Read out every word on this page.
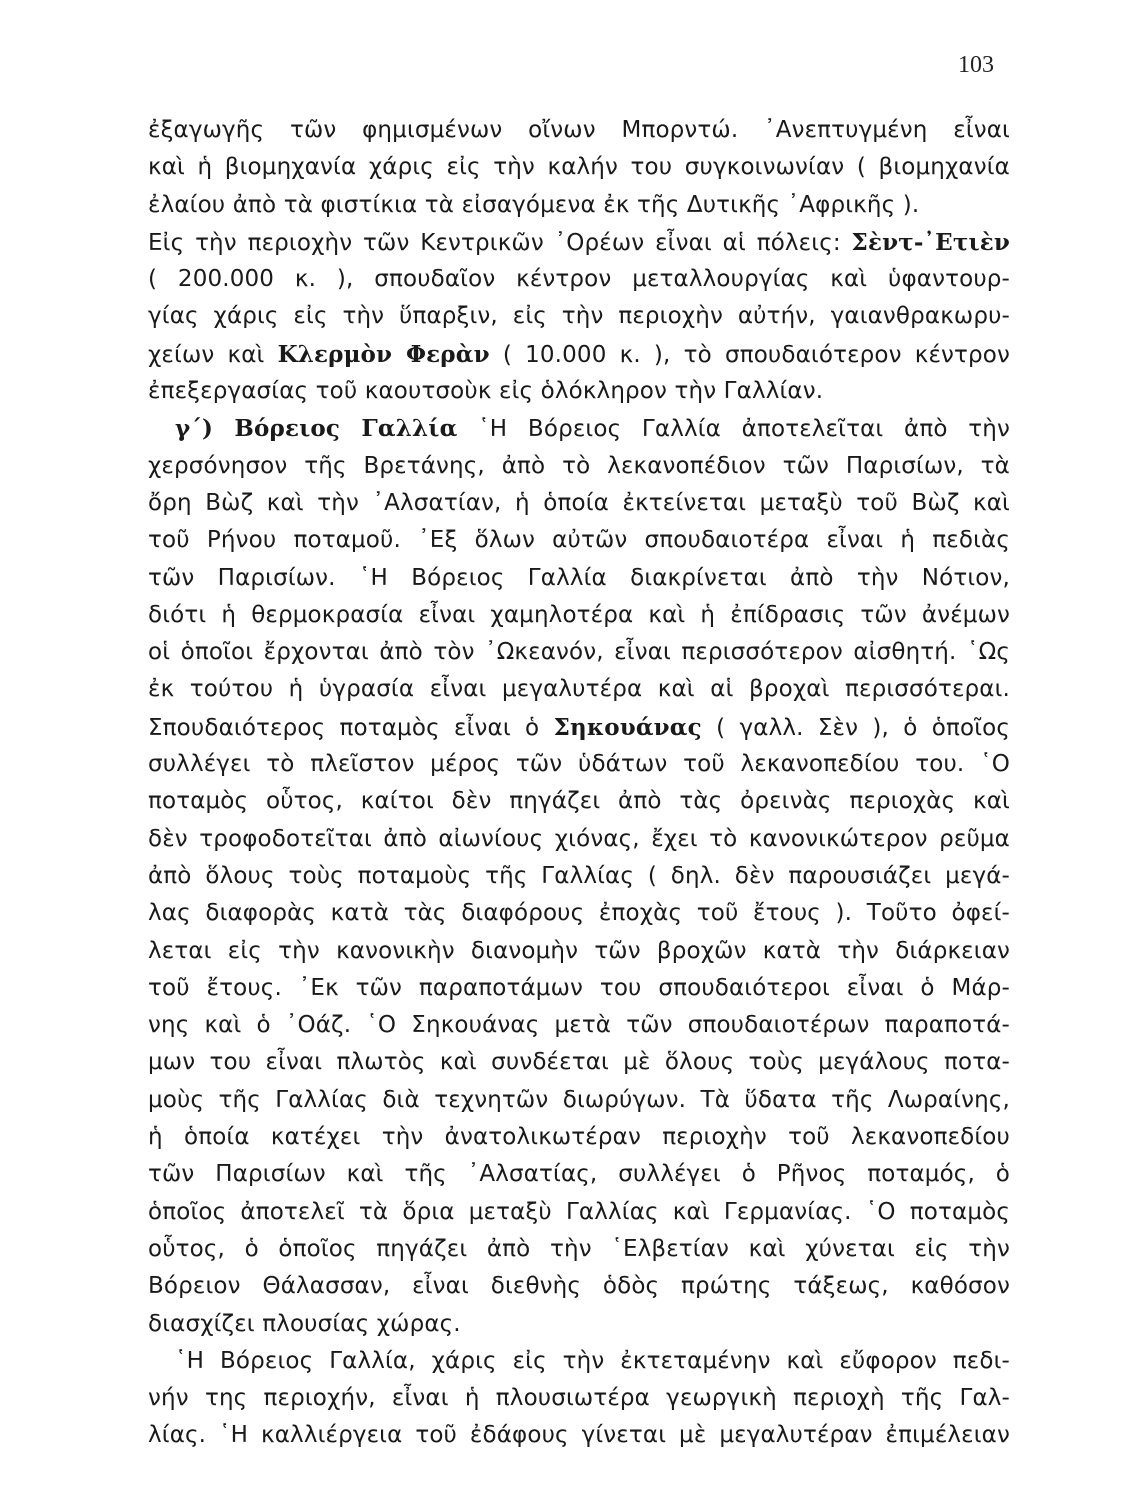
103
ἐξαγωγῆς τῶν φημισμένων οἴνων Μπορντώ. ᾿Ανεπτυγμένη εἶναι
καὶ ἡ βιομηχανία χάρις εἰς τὴν καλήν του συγκοινωνίαν ( βιομηχανία
ἐλαίου ἀπὸ τὰ φιστίκια τὰ εἰσαγόμενα ἐκ τῆς Δυτικῆς ᾿Αφρικῆς ).
Εἰς τὴν περιοχὴν τῶν Κεντρικῶν ᾿Ορέων εἶναι αἱ πόλεις: Σὲντ-᾿Ετιὲν
( 200.000 κ. ), σπουδαῖον κέντρον μεταλλουργίας καὶ ὑφαντουρ-
γίας χάρις εἰς τὴν ὕπαρξιν, εἰς τὴν περιοχὴν αὐτήν, γαιανθρακωρυ-
χείων καὶ Κλερμὸν Φερὰν ( 10.000 κ. ), τὸ σπουδαιότερον κέντρον
ἐπεξεργασίας τοῦ καουτσοὺκ εἰς ὁλόκληρον τὴν Γαλλίαν.
γ΄) Βόρειος Γαλλία ῾Η Βόρειος Γαλλία ἀποτελεῖται ἀπὸ τὴν
χερσόνησον τῆς Βρετάνης, ἀπὸ τὸ λεκανοπέδιον τῶν Παρισίων, τὰ
ὄρη Βὼζ καὶ τὴν ᾿Αλσατίαν, ἡ ὁποία ἐκτείνεται μεταξὺ τοῦ Βὼζ καὶ
τοῦ Ρήνου ποταμοῦ. ᾿Εξ ὅλων αὐτῶν σπουδαιοτέρα εἶναι ἡ πεδιὰς
τῶν Παρισίων. ῾Η Βόρειος Γαλλία διακρίνεται ἀπὸ τὴν Νότιον,
διότι ἡ θερμοκρασία εἶναι χαμηλοτέρα καὶ ἡ ἐπίδρασις τῶν ἀνέμων
οἱ ὁποῖοι ἔρχονται ἀπὸ τὸν ᾿Ωκεανόν, εἶναι περισσότερον αἰσθητή. ῾Ως
ἐκ τούτου ἡ ὑγρασία εἶναι μεγαλυτέρα καὶ αἱ βροχαὶ περισσότεραι.
Σπουδαιότερος ποταμὸς εἶναι ὁ Σηκουάνας ( γαλλ. Σὲν ), ὁ ὁποῖος
συλλέγει τὸ πλεῖστον μέρος τῶν ὑδάτων τοῦ λεκανοπεδίου του. ῾Ο
ποταμὸς οὗτος, καίτοι δὲν πηγάζει ἀπὸ τὰς ὀρεινὰς περιοχὰς καὶ
δὲν τροφοδοτεῖται ἀπὸ αἰωνίους χιόνας, ἔχει τὸ κανονικώτερον ρεῦμα
ἀπὸ ὅλους τοὺς ποταμοὺς τῆς Γαλλίας ( δηλ. δὲν παρουσιάζει μεγά-
λας διαφορὰς κατὰ τὰς διαφόρους ἐποχὰς τοῦ ἔτους ). Τοῦτο ὀφεί-
λεται εἰς τὴν κανονικὴν διανομὴν τῶν βροχῶν κατὰ τὴν διάρκειαν
τοῦ ἔτους. ᾿Εκ τῶν παραποτάμων του σπουδαιότεροι εἶναι ὁ Μάρ-
νης καὶ ὁ ᾿Οάζ. ῾Ο Σηκουάνας μετὰ τῶν σπουδαιοτέρων παραποτά-
μων του εἶναι πλωτὸς καὶ συνδέεται μὲ ὅλους τοὺς μεγάλους ποτα-
μοὺς τῆς Γαλλίας διὰ τεχνητῶν διωρύγων. Τὰ ὕδατα τῆς Λωραίνης,
ἡ ὁποία κατέχει τὴν ἀνατολικωτέραν περιοχὴν τοῦ λεκανοπεδίου
τῶν Παρισίων καὶ τῆς ᾿Αλσατίας, συλλέγει ὁ Ρῆνος ποταμός, ὁ
ὁποῖος ἀποτελεῖ τὰ ὅρια μεταξὺ Γαλλίας καὶ Γερμανίας. ῾Ο ποταμὸς
οὗτος, ὁ ὁποῖος πηγάζει ἀπὸ τὴν ῾Ελβετίαν καὶ χύνεται εἰς τὴν
Βόρειον Θάλασσαν, εἶναι διεθνὴς ὁδὸς πρώτης τάξεως, καθόσον
διασχίζει πλουσίας χώρας.
῾Η Βόρειος Γαλλία, χάρις εἰς τὴν ἐκτεταμένην καὶ εὔφορον πεδι-
νήν της περιοχήν, εἶναι ἡ πλουσιωτέρα γεωργικὴ περιοχὴ τῆς Γαλ-
λίας. ῾Η καλλιέργεια τοῦ ἐδάφους γίνεται μὲ μεγαλυτέραν ἐπιμέλειαν
